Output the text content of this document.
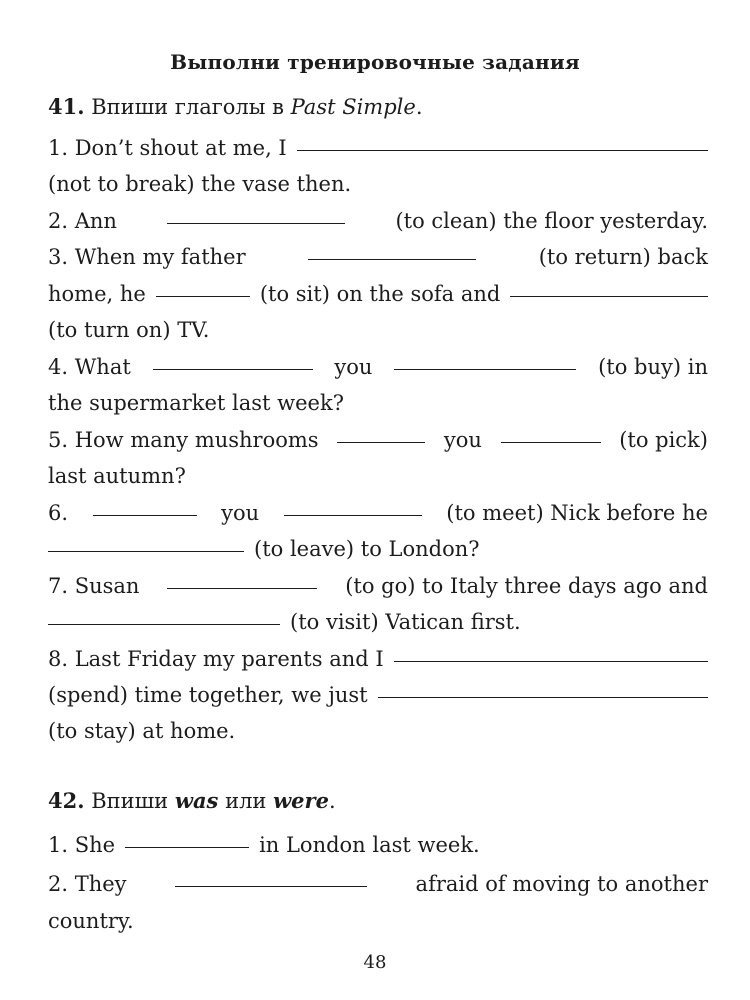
Выполни тренировочные задания
41. Впиши глаголы в Past Simple.
1. Don’t shout at me, I
(not to break) the vase then.
2. Ann	(to clean) the floor yesterday.
3. When my father	(to return) back
home, he	(to sit) on the sofa and
(to turn on) TV.
4. What	you	(to buy) in
the supermarket last week?
5. How many mushrooms	you	(to pick)
last autumn?
6.	you	(to meet) Nick before he
(to leave) to London?
7. Susan	(to go) to Italy three days ago and
(to visit) Vatican first.
8. Last Friday my parents and I
(spend) time together, we just
(to stay) at home.
42. Впиши was или were.
1. She	in London last week.
2. They	afraid of moving to another
country.
48
